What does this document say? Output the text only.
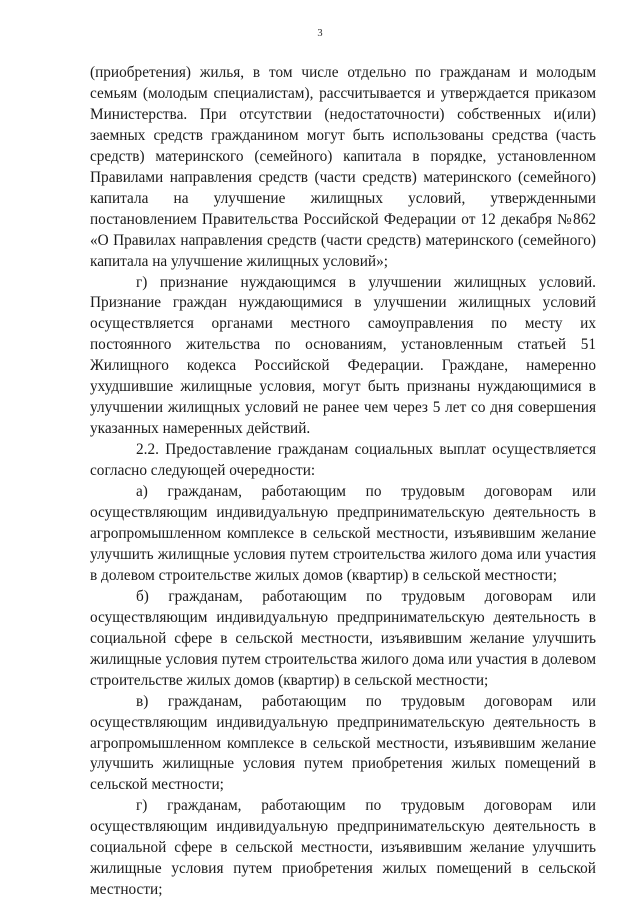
3

(приобретения) жилья, в том числе отдельно по гражданам и молодым семьям (молодым специалистам), рассчитывается и утверждается приказом Министерства. При отсутствии (недостаточности) собственных и(или) заемных средств гражданином могут быть использованы средства (часть средств) материнского (семейного) капитала в порядке, установленном Правилами направления средств (части средств) материнского (семейного) капитала на улучшение жилищных условий, утвержденными постановлением Правительства Российской Федерации от 12 декабря №862 «О Правилах направления средств (части средств) материнского (семейного) капитала на улучшение жилищных условий»;

г) признание нуждающимся в улучшении жилищных условий. Признание граждан нуждающимися в улучшении жилищных условий осуществляется органами местного самоуправления по месту их постоянного жительства по основаниям, установленным статьей 51 Жилищного кодекса Российской Федерации. Граждане, намеренно ухудшившие жилищные условия, могут быть признаны нуждающимися в улучшении жилищных условий не ранее чем через 5 лет со дня совершения указанных намеренных действий.

2.2. Предоставление гражданам социальных выплат осуществляется согласно следующей очередности:

а) гражданам, работающим по трудовым договорам или осуществляющим индивидуальную предпринимательскую деятельность в агропромышленном комплексе в сельской местности, изъявившим желание улучшить жилищные условия путем строительства жилого дома или участия в долевом строительстве жилых домов (квартир) в сельской местности;

б) гражданам, работающим по трудовым договорам или осуществляющим индивидуальную предпринимательскую деятельность в социальной сфере в сельской местности, изъявившим желание улучшить жилищные условия путем строительства жилого дома или участия в долевом строительстве жилых домов (квартир) в сельской местности;

в) гражданам, работающим по трудовым договорам или осуществляющим индивидуальную предпринимательскую деятельность в агропромышленном комплексе в сельской местности, изъявившим желание улучшить жилищные условия путем приобретения жилых помещений в сельской местности;

г) гражданам, работающим по трудовым договорам или осуществляющим индивидуальную предпринимательскую деятельность в социальной сфере в сельской местности, изъявившим желание улучшить жилищные условия путем приобретения жилых помещений в сельской местности;
